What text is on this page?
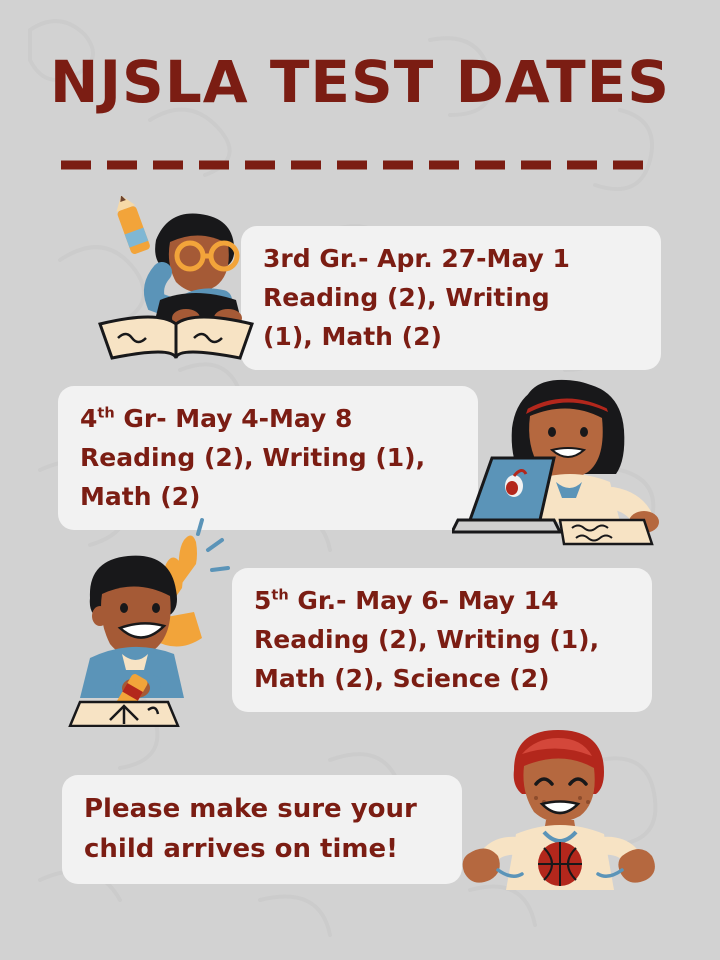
NJSLA TEST DATES
3rd Gr.- Apr. 27-May 1
Reading (2), Writing
(1), Math (2)
4th Gr- May 4-May 8
Reading (2), Writing (1),
Math (2)
5th Gr.- May 6- May 14
Reading (2), Writing (1),
Math (2), Science (2)
Please make sure your
child arrives on time!
